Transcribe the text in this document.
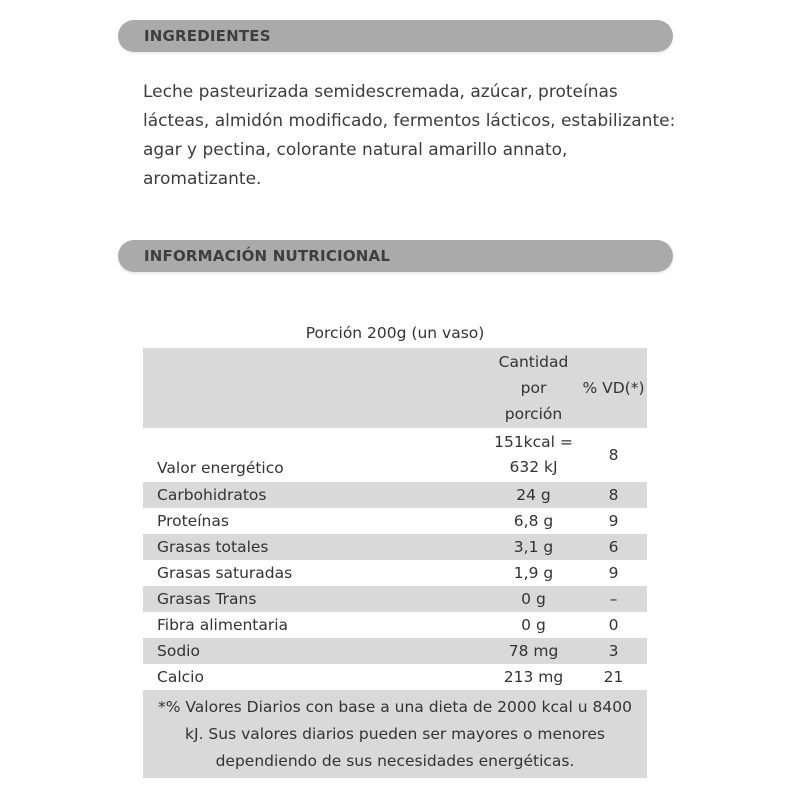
INGREDIENTES
Leche pasteurizada semidescremada, azúcar, proteínas lácteas, almidón modificado, fermentos lácticos, estabilizante: agar y pectina, colorante natural amarillo annato, aromatizante.
INFORMACIÓN NUTRICIONAL
Porción 200g (un vaso)

	Cantidad
por
porción	% VD(*)
Valor energético	151kcal =
632 kJ	8
Carbohidratos	24 g	8
Proteínas	6,8 g	9
Grasas totales	3,1 g	6
Grasas saturadas	1,9 g	9
Grasas Trans	0 g	–
Fibra alimentaria	0 g	0
Sodio	78 mg	3
Calcio	213 mg	21
*% Valores Diarios con base a una dieta de 2000 kcal u 8400 kJ. Sus valores diarios pueden ser mayores o menores dependiendo de sus necesidades energéticas.		
